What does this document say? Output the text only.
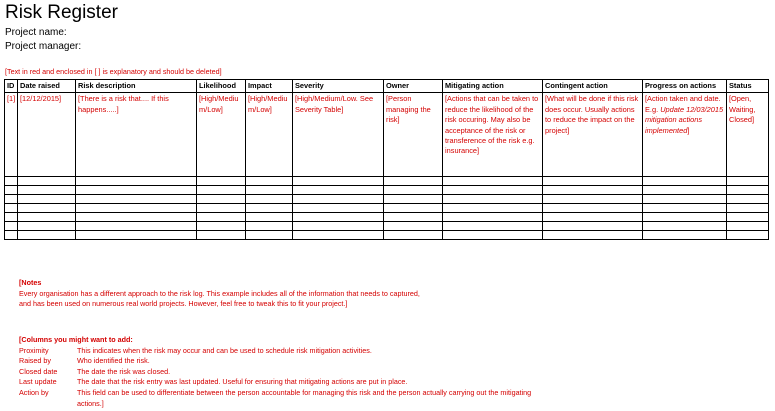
Risk Register
Project name:
Project manager:
[Text in red and enclosed in [ ] is explanatory and should be deleted]
ID	Date raised	Risk description	Likelihood	Impact	Severity	Owner	Mitigating action	Contingent action	Progress on actions	Status
[1]	[12/12/2015]	[There is a risk that.... If this happens.....]	[High/Medium/Low]	[High/Medium/Low]	[High/Medium/Low. See Severity Table]	[Person managing the risk]	[Actions that can be taken to reduce the likelihood of the risk occuring. May also be acceptance of the risk or transference of the risk e.g. insurance]	[What will be done if this risk does occur. Usually actions to reduce the impact on the project]	[Action taken and date. E.g. Update 12/03/2015 mitigation actions implemented]	[Open, Waiting, Closed]

[Notes
Every organisation has a different approach to the risk log. This example includes all of the information that needs to captured,
and has been used on numerous real world projects. However, feel free to tweak this to fit your project.]
[Columns you might want to add:
Proximity	This indicates when the risk may occur and can be used to schedule risk mitigation activities.
Raised by	Who identified the risk.
Closed date	The date the risk was closed.
Last update	The date that the risk entry was last updated. Useful for ensuring that mitigating actions are put in place.
Action by	This field can be used to differentiate between the person accountable for managing this risk and the person actually carrying out the mitigating actions.]
